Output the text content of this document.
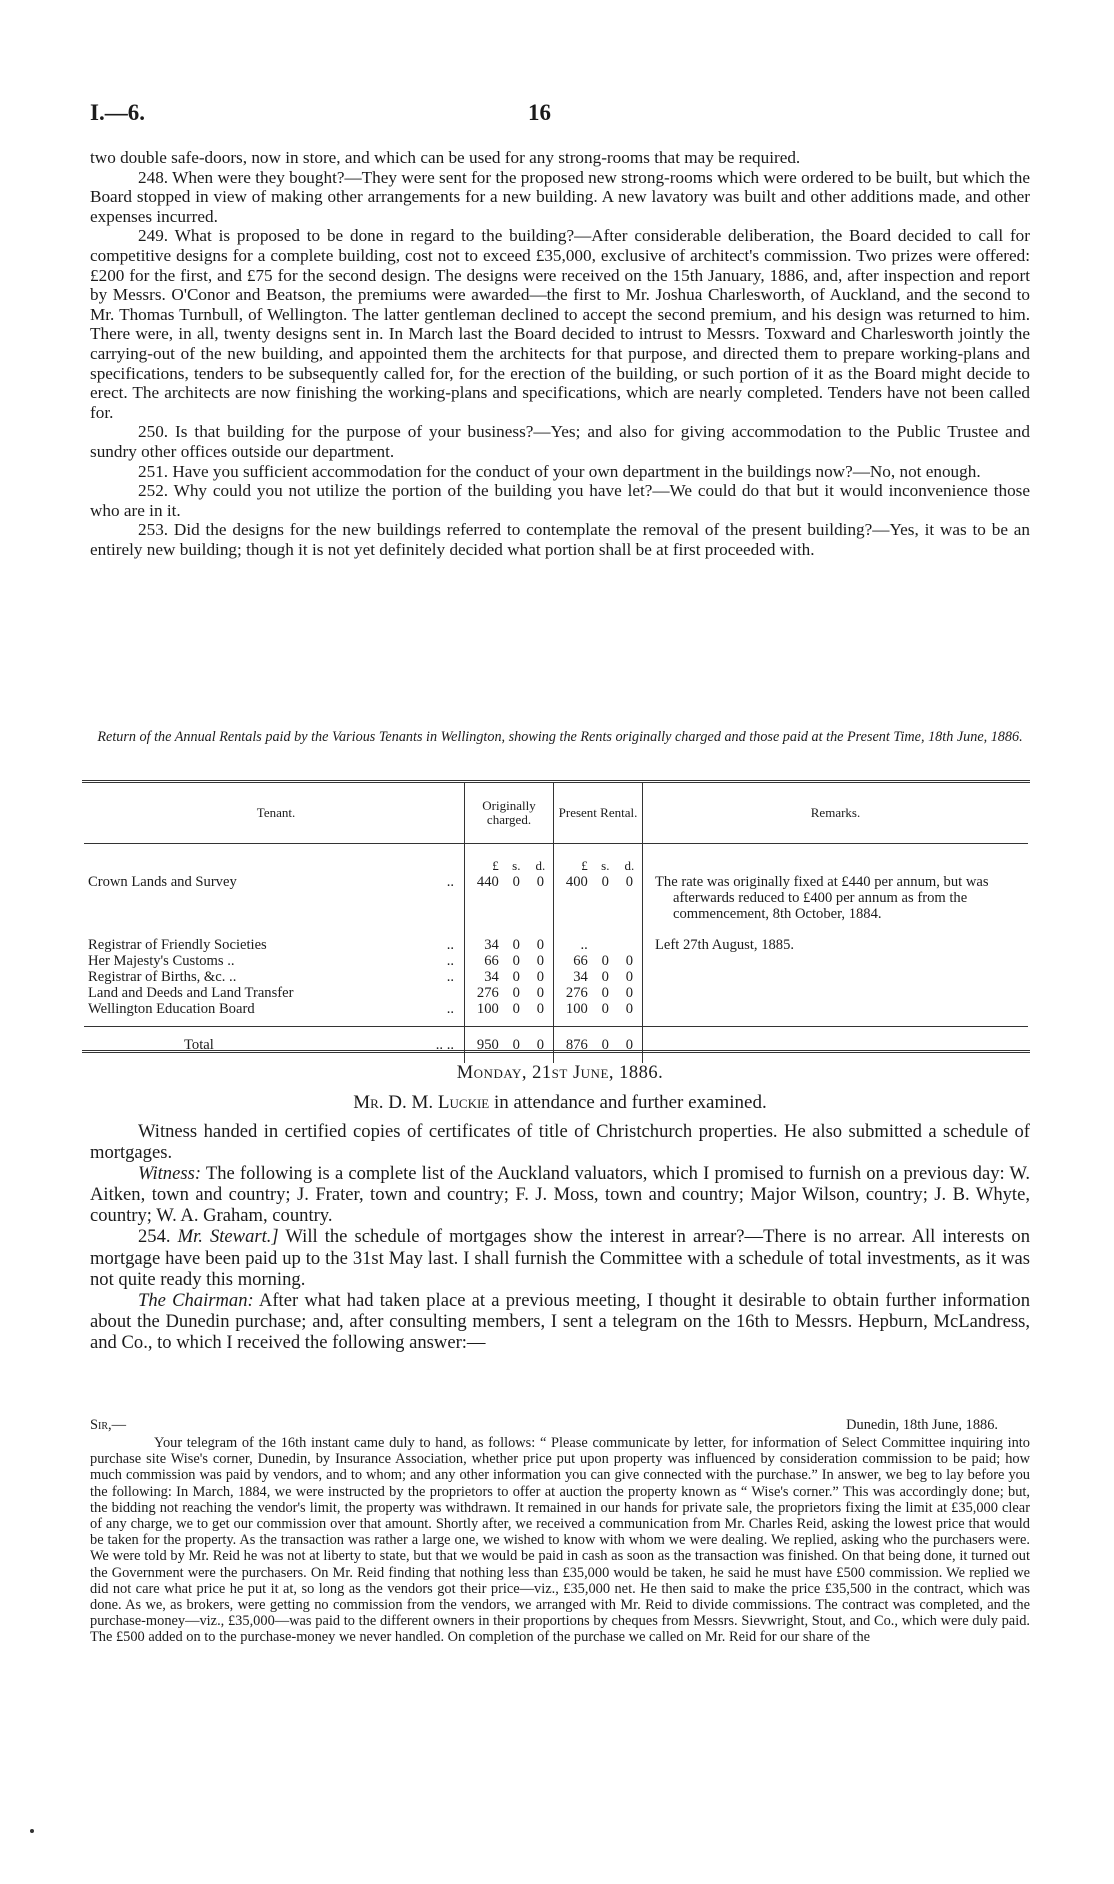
I.—6.	16

two double safe-doors, now in store, and which can be used for any strong-rooms that may be required.

248. When were they bought?—They were sent for the proposed new strong-rooms which were ordered to be built, but which the Board stopped in view of making other arrangements for a new building. A new lavatory was built and other additions made, and other expenses incurred.

249. What is proposed to be done in regard to the building?—After considerable deliberation, the Board decided to call for competitive designs for a complete building, cost not to exceed £35,000, exclusive of architect's commission. Two prizes were offered: £200 for the first, and £75 for the second design. The designs were received on the 15th January, 1886, and, after inspection and report by Messrs. O'Conor and Beatson, the premiums were awarded—the first to Mr. Joshua Charlesworth, of Auckland, and the second to Mr. Thomas Turnbull, of Wellington. The latter gentleman declined to accept the second premium, and his design was returned to him. There were, in all, twenty designs sent in. In March last the Board decided to intrust to Messrs. Toxward and Charlesworth jointly the carrying-out of the new building, and appointed them the architects for that purpose, and directed them to prepare working-plans and specifications, tenders to be subsequently called for, for the erection of the building, or such portion of it as the Board might decide to erect. The architects are now finishing the working-plans and specifications, which are nearly completed. Tenders have not been called for.

250. Is that building for the purpose of your business?—Yes; and also for giving accommodation to the Public Trustee and sundry other offices outside our department.

251. Have you sufficient accommodation for the conduct of your own department in the buildings now?—No, not enough.

252. Why could you not utilize the portion of the building you have let?—We could do that but it would inconvenience those who are in it.

253. Did the designs for the new buildings referred to contemplate the removal of the present building?—Yes, it was to be an entirely new building; though it is not yet definitely decided what portion shall be at first proceeded with.

Return of the Annual Rentals paid by the Various Tenants in Wellington, showing the Rents originally charged and those paid at the Present Time, 18th June, 1886.
Tenant.	Originally charged.			Present Rental.			Remarks.
	£	s.	d.	£	s.	d.	
Crown Lands and Survey ..	440	0	0	400	0	0	The rate was originally fixed at £440 per annum, but was afterwards reduced to £400 per annum as from the commencement, 8th October, 1884.

Registrar of Friendly Societies ..	34	0	0	..			Left 27th August, 1885.

Her Majesty's Customs .. ..	66	0	0	66	0	0	
Registrar of Births, &c. .. ..	34	0	0	34	0	0	
Land and Deeds and Land Transfer	276	0	0	276	0	0	
Wellington Education Board ..	100	0	0	100	0	0	
Total .. ..	950	0	0	876	0	0	
Monday, 21st June, 1886.
Mr. D. M. Luckie in attendance and further examined.

Witness handed in certified copies of certificates of title of Christchurch properties. He also submitted a schedule of mortgages.

Witness: The following is a complete list of the Auckland valuators, which I promised to furnish on a previous day: W. Aitken, town and country; J. Frater, town and country; F. J. Moss, town and country; Major Wilson, country; J. B. Whyte, country; W. A. Graham, country.

254. Mr. Stewart.] Will the schedule of mortgages show the interest in arrear?—There is no arrear. All interests on mortgage have been paid up to the 31st May last. I shall furnish the Committee with a schedule of total investments, as it was not quite ready this morning.

The Chairman: After what had taken place at a previous meeting, I thought it desirable to obtain further information about the Dunedin purchase; and, after consulting members, I sent a telegram on the 16th to Messrs. Hepburn, McLandress, and Co., to which I received the following answer:—

Sir,—	Dunedin, 18th June, 1886.

Your telegram of the 16th instant came duly to hand, as follows: “ Please communicate by letter, for information of Select Committee inquiring into purchase site Wise's corner, Dunedin, by Insurance Association, whether price put upon property was influenced by consideration commission to be paid; how much commission was paid by vendors, and to whom; and any other information you can give connected with the purchase.” In answer, we beg to lay before you the following: In March, 1884, we were instructed by the proprietors to offer at auction the property known as “ Wise's corner.” This was accordingly done; but, the bidding not reaching the vendor's limit, the property was withdrawn. It remained in our hands for private sale, the proprietors fixing the limit at £35,000 clear of any charge, we to get our commission over that amount. Shortly after, we received a communication from Mr. Charles Reid, asking the lowest price that would be taken for the property. As the transaction was rather a large one, we wished to know with whom we were dealing. We replied, asking who the purchasers were. We were told by Mr. Reid he was not at liberty to state, but that we would be paid in cash as soon as the transaction was finished. On that being done, it turned out the Government were the purchasers. On Mr. Reid finding that nothing less than £35,000 would be taken, he said he must have £500 commission. We replied we did not care what price he put it at, so long as the vendors got their price—viz., £35,000 net. He then said to make the price £35,500 in the contract, which was done. As we, as brokers, were getting no commission from the vendors, we arranged with Mr. Reid to divide commissions. The contract was completed, and the purchase-money—viz., £35,000—was paid to the different owners in their proportions by cheques from Messrs. Sievwright, Stout, and Co., which were duly paid. The £500 added on to the purchase-money we never handled. On completion of the purchase we called on Mr. Reid for our share of the
